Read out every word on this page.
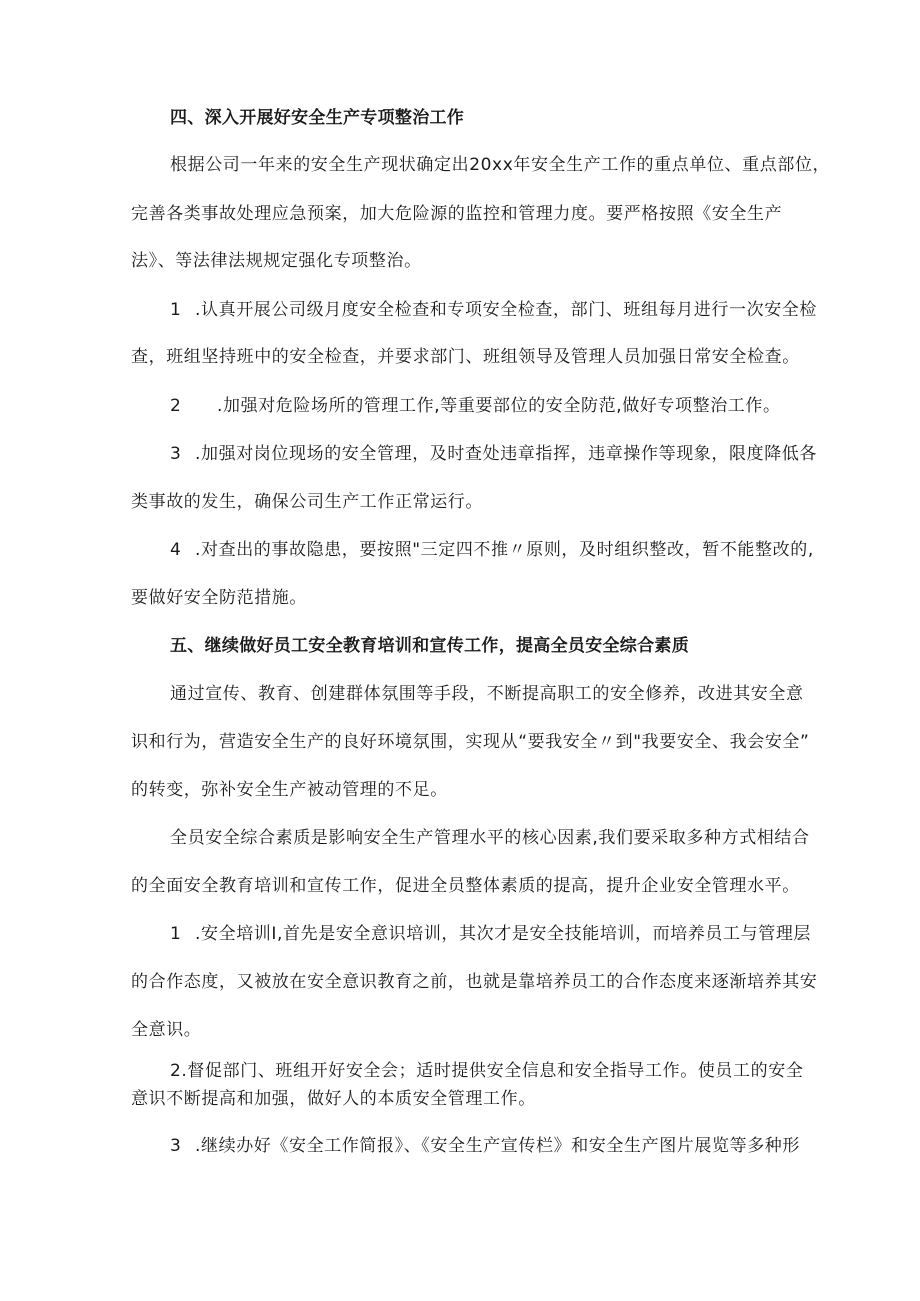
四、深入开展好安全生产专项整治工作
根据公司一年来的安全生产现状确定出20xx年安全生产工作的重点单位、重点部位，
完善各类事故处理应急预案，加大危险源的监控和管理力度。要严格按照《安全生产
法》、等法律法规规定强化专项整治。
1 .认真开展公司级月度安全检查和专项安全检查，部门、班组每月进行一次安全检
查，班组坚持班中的安全检查，并要求部门、班组领导及管理人员加强日常安全检查。
2	.加强对危险场所的管理工作,等重要部位的安全防范,做好专项整治工作。
3 .加强对岗位现场的安全管理，及时查处违章指挥，违章操作等现象，限度降低各
类事故的发生，确保公司生产工作正常运行。
4 .对查出的事故隐患，要按照"三定四不推〃原则，及时组织整改，暂不能整改的,
要做好安全防范措施。
五、继续做好员工安全教育培训和宣传工作，提高全员安全综合素质
通过宣传、教育、创建群体氛围等手段，不断提高职工的安全修养，改进其安全意
识和行为，营造安全生产的良好环境氛围，实现从“要我安全〃到"我要安全、我会安全”
的转变，弥补安全生产被动管理的不足。
全员安全综合素质是影响安全生产管理水平的核心因素,我们要采取多种方式相结合
的全面安全教育培训和宣传工作，促进全员整体素质的提高，提升企业安全管理水平。
1 .安全培训I,首先是安全意识培训，其次才是安全技能培训，而培养员工与管理层
的合作态度，又被放在安全意识教育之前，也就是靠培养员工的合作态度来逐渐培养其安
全意识。
2.督促部门、班组开好安全会；适时提供安全信息和安全指导工作。使员工的安全
意识不断提高和加强，做好人的本质安全管理工作。
3 .继续办好《安全工作简报》、《安全生产宣传栏》和安全生产图片展览等多种形
